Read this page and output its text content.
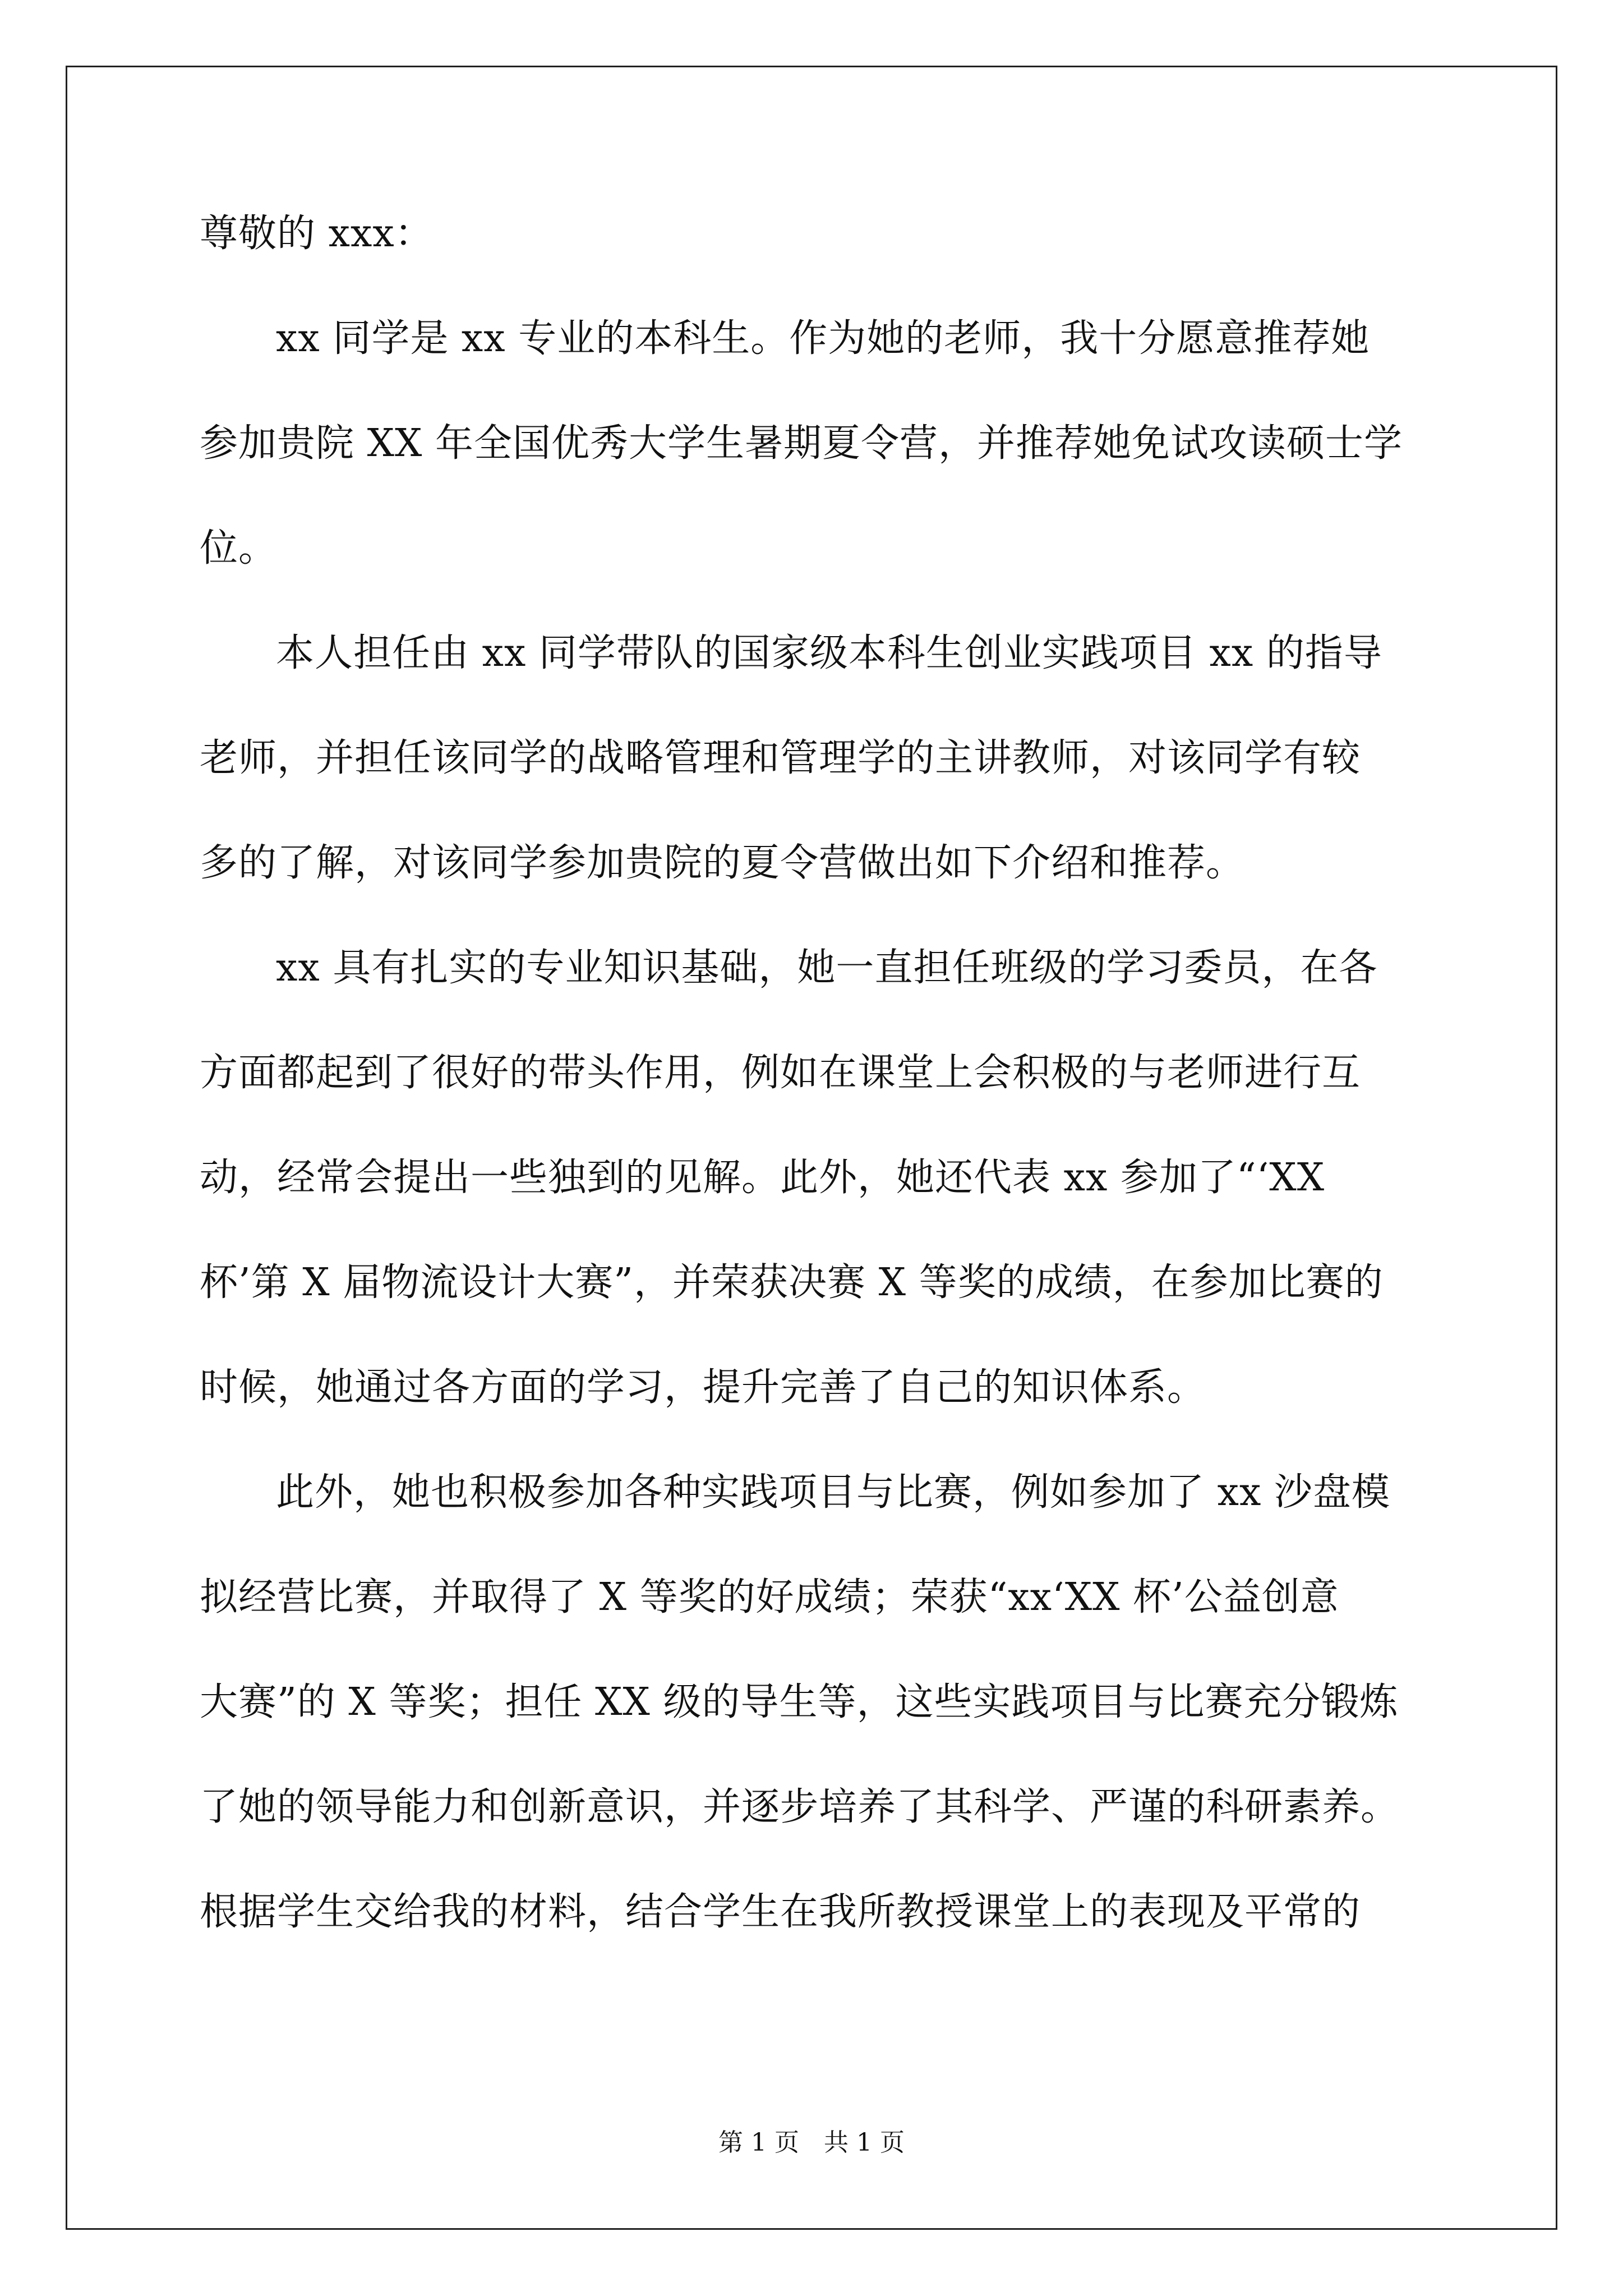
尊敬的 xxx：
xx 同学是 xx 专业的本科生。作为她的老师，我十分愿意推荐她
参加贵院 XX 年全国优秀大学生暑期夏令营，并推荐她免试攻读硕士学
位。
本人担任由 xx 同学带队的国家级本科生创业实践项目 xx 的指导
老师，并担任该同学的战略管理和管理学的主讲教师，对该同学有较
多的了解，对该同学参加贵院的夏令营做出如下介绍和推荐。
xx 具有扎实的专业知识基础，她一直担任班级的学习委员，在各
方面都起到了很好的带头作用，例如在课堂上会积极的与老师进行互
动，经常会提出一些独到的见解。此外，她还代表 xx 参加了“‘XX
杯’第 X 届物流设计大赛”，并荣获决赛 X 等奖的成绩，在参加比赛的
时候，她通过各方面的学习，提升完善了自己的知识体系。
此外，她也积极参加各种实践项目与比赛，例如参加了 xx 沙盘模
拟经营比赛，并取得了 X 等奖的好成绩；荣获“xx‘XX 杯’公益创意
大赛”的 X 等奖；担任 XX 级的导生等，这些实践项目与比赛充分锻炼
了她的领导能力和创新意识，并逐步培养了其科学、严谨的科研素养。
根据学生交给我的材料，结合学生在我所教授课堂上的表现及平常的
第 1 页　共 1 页
